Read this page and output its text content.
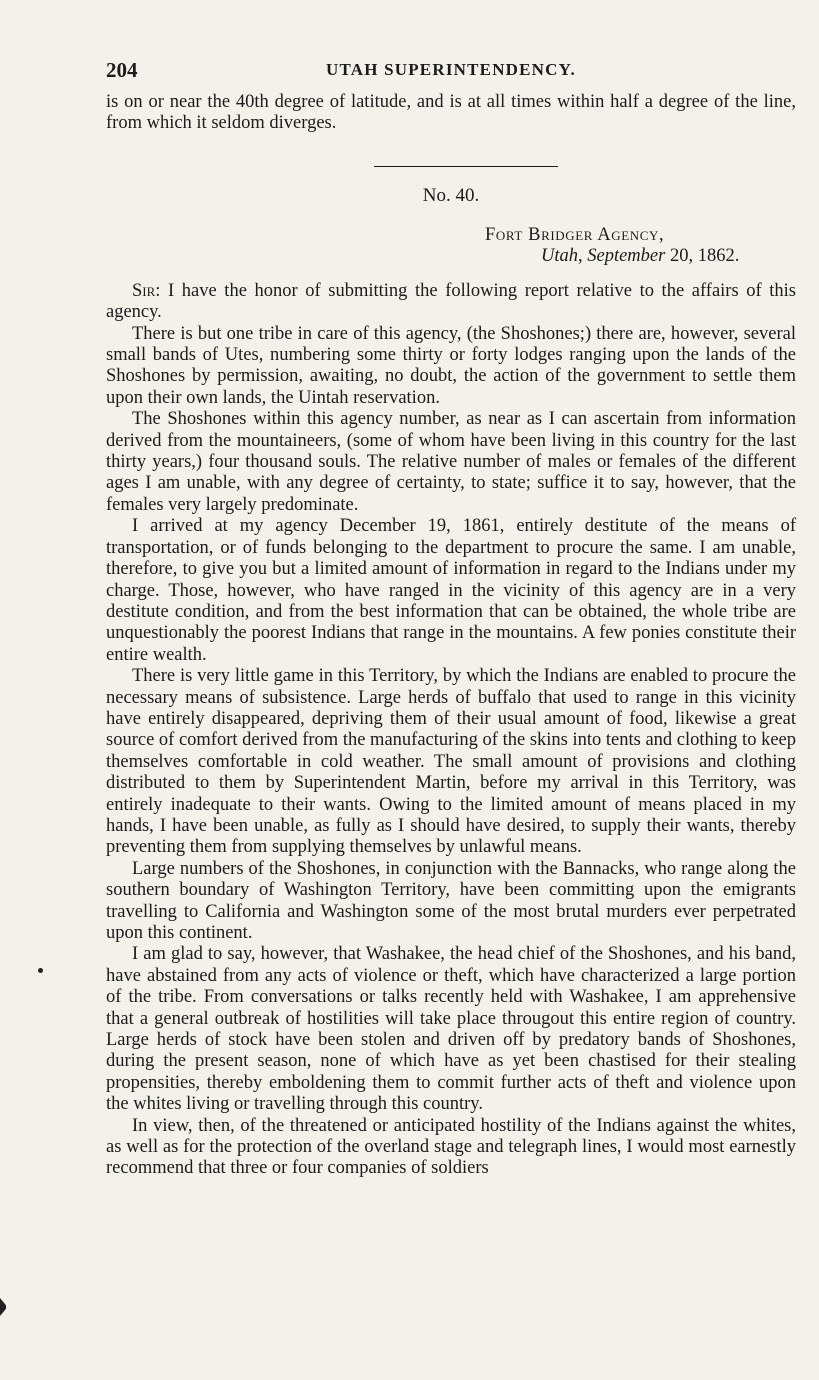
204	UTAH SUPERINTENDENCY.

is on or near the 40th degree of latitude, and is at all times within half a degree of the line, from which it seldom diverges.

No. 40.
Fort Bridger Agency,
Utah, September 20, 1862.

Sir: I have the honor of submitting the following report relative to the affairs of this agency.

There is but one tribe in care of this agency, (the Shoshones;) there are, however, several small bands of Utes, numbering some thirty or forty lodges ranging upon the lands of the Shoshones by permission, awaiting, no doubt, the action of the government to settle them upon their own lands, the Uintah reservation.

The Shoshones within this agency number, as near as I can ascertain from information derived from the mountaineers, (some of whom have been living in this country for the last thirty years,) four thousand souls. The relative number of males or females of the different ages I am unable, with any degree of certainty, to state; suffice it to say, however, that the females very largely predominate.

I arrived at my agency December 19, 1861, entirely destitute of the means of transportation, or of funds belonging to the department to procure the same. I am unable, therefore, to give you but a limited amount of information in regard to the Indians under my charge. Those, however, who have ranged in the vicinity of this agency are in a very destitute condition, and from the best information that can be obtained, the whole tribe are unquestionably the poorest Indians that range in the mountains. A few ponies constitute their entire wealth.

There is very little game in this Territory, by which the Indians are enabled to procure the necessary means of subsistence. Large herds of buffalo that used to range in this vicinity have entirely disappeared, depriving them of their usual amount of food, likewise a great source of comfort derived from the manufacturing of the skins into tents and clothing to keep themselves comfortable in cold weather. The small amount of provisions and clothing distributed to them by Superintendent Martin, before my arrival in this Territory, was entirely inadequate to their wants. Owing to the limited amount of means placed in my hands, I have been unable, as fully as I should have desired, to supply their wants, thereby preventing them from supplying themselves by unlawful means.

Large numbers of the Shoshones, in conjunction with the Bannacks, who range along the southern boundary of Washington Territory, have been committing upon the emigrants travelling to California and Washington some of the most brutal murders ever perpetrated upon this continent.

I am glad to say, however, that Washakee, the head chief of the Shoshones, and his band, have abstained from any acts of violence or theft, which have characterized a large portion of the tribe. From conversations or talks recently held with Washakee, I am apprehensive that a general outbreak of hostilities will take place througout this entire region of country. Large herds of stock have been stolen and driven off by predatory bands of Shoshones, during the present season, none of which have as yet been chastised for their stealing propensities, thereby emboldening them to commit further acts of theft and violence upon the whites living or travelling through this country.

In view, then, of the threatened or anticipated hostility of the Indians against the whites, as well as for the protection of the overland stage and telegraph lines, I would most earnestly recommend that three or four companies of soldiers
